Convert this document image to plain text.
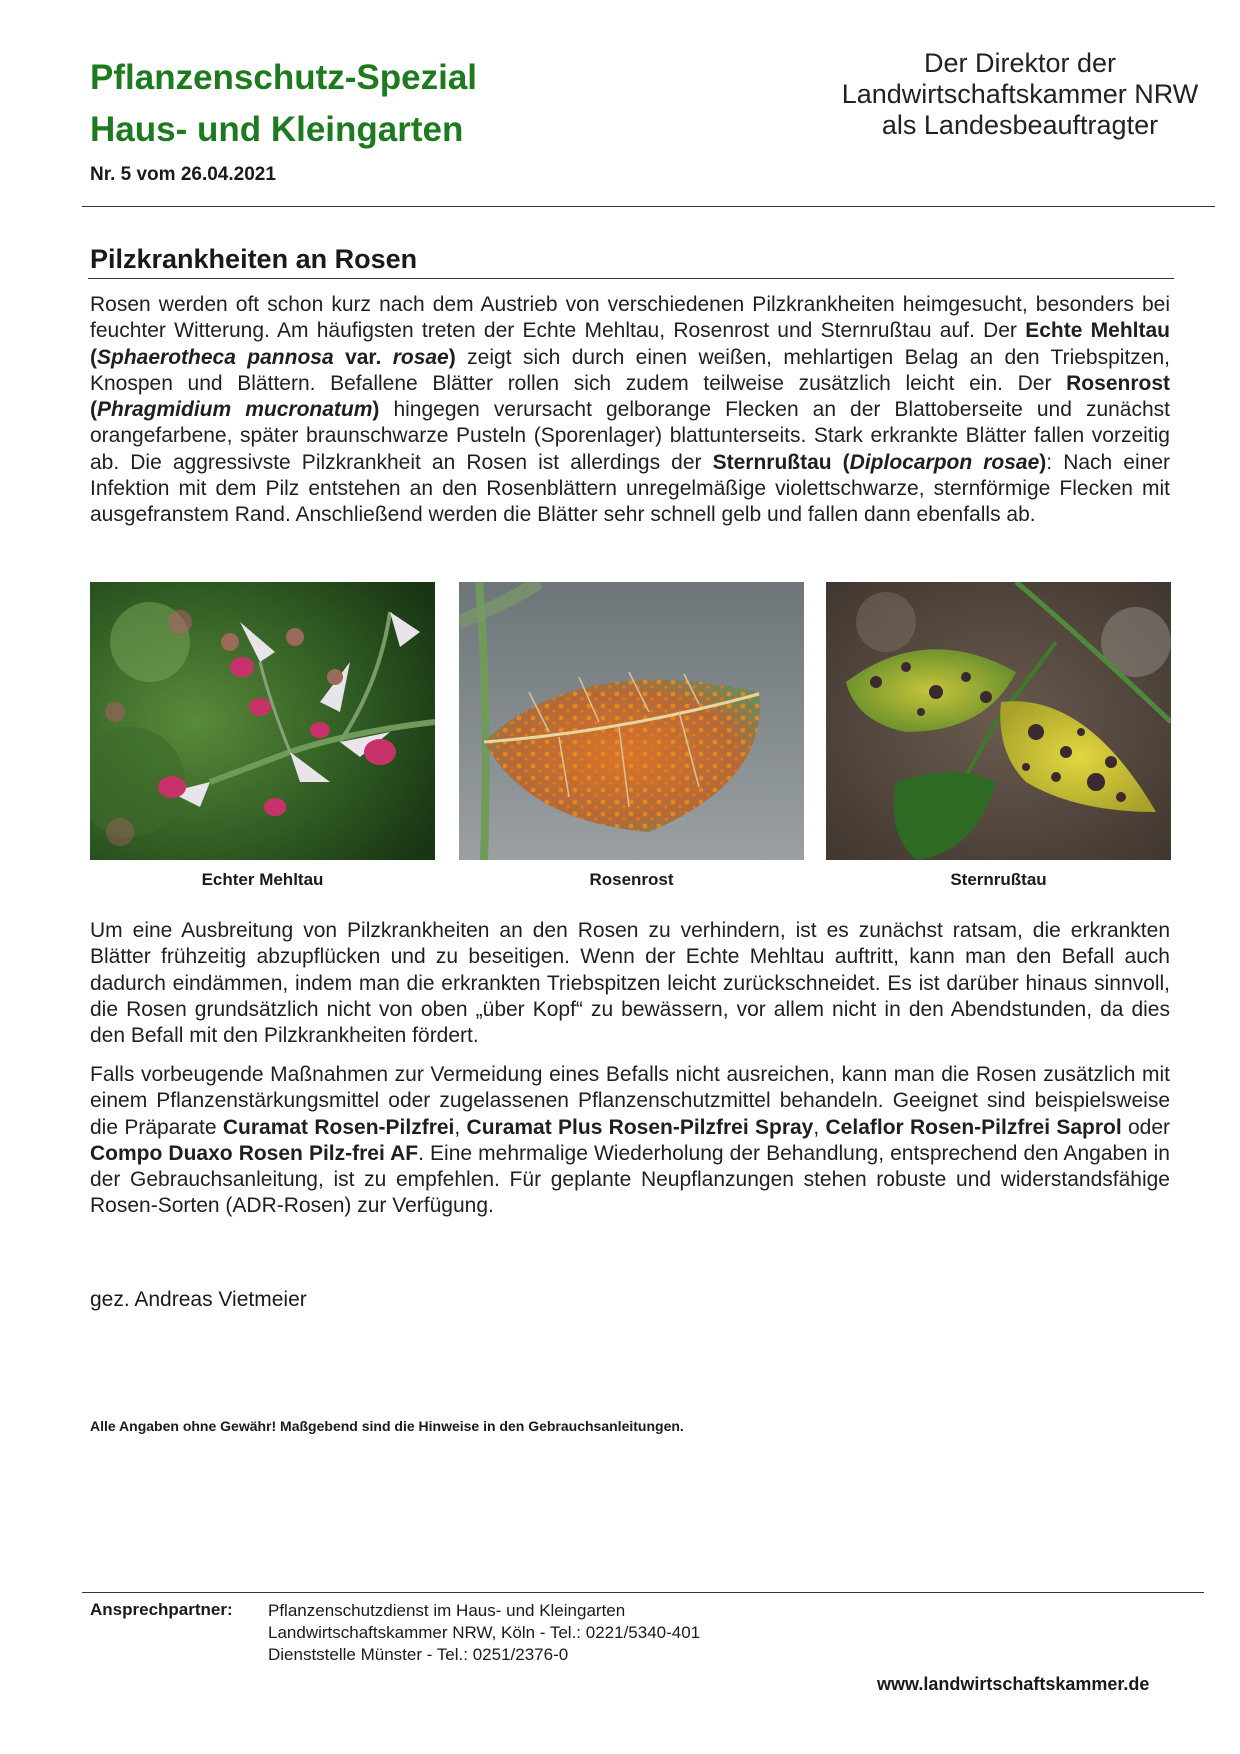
Pflanzenschutz-Spezial
Haus- und Kleingarten
Der Direktor der
Landwirtschaftskammer NRW
als Landesbeauftragter
Nr. 5 vom 26.04.2021
Pilzkrankheiten an Rosen
Rosen werden oft schon kurz nach dem Austrieb von verschiedenen Pilzkrankheiten heimgesucht, besonders bei feuchter Witterung. Am häufigsten treten der Echte Mehltau, Rosenrost und Sternrußtau auf. Der Echte Mehltau (Sphaerotheca pannosa var. rosae) zeigt sich durch einen weißen, mehlartigen Belag an den Triebspitzen, Knospen und Blättern. Befallene Blätter rollen sich zudem teilweise zusätzlich leicht ein. Der Rosenrost (Phragmidium mucronatum) hingegen verursacht gelborange Flecken an der Blattoberseite und zunächst orangefarbene, später braunschwarze Pusteln (Sporenlager) blattunterseits. Stark erkrankte Blätter fallen vorzeitig ab. Die aggressivste Pilzkrankheit an Rosen ist allerdings der Sternrußtau (Diplocarpon rosae): Nach einer Infektion mit dem Pilz entstehen an den Rosenblättern unregelmäßige violettschwarze, sternförmige Flecken mit ausgefranstem Rand. Anschließend werden die Blätter sehr schnell gelb und fallen dann ebenfalls ab.
Echter Mehltau	Rosenrost	Sternrußtau
Um eine Ausbreitung von Pilzkrankheiten an den Rosen zu verhindern, ist es zunächst ratsam, die erkrankten Blätter frühzeitig abzupflücken und zu beseitigen. Wenn der Echte Mehltau auftritt, kann man den Befall auch dadurch eindämmen, indem man die erkrankten Triebspitzen leicht zurückschneidet. Es ist darüber hinaus sinnvoll, die Rosen grundsätzlich nicht von oben „über Kopf“ zu bewässern, vor allem nicht in den Abendstunden, da dies den Befall mit den Pilzkrankheiten fördert.
Falls vorbeugende Maßnahmen zur Vermeidung eines Befalls nicht ausreichen, kann man die Rosen zusätzlich mit einem Pflanzenstärkungsmittel oder zugelassenen Pflanzenschutzmittel behandeln. Geeignet sind beispielsweise die Präparate Curamat Rosen-Pilzfrei, Curamat Plus Rosen-Pilzfrei Spray, Celaflor Rosen-Pilzfrei Saprol oder Compo Duaxo Rosen Pilz-frei AF. Eine mehrmalige Wiederholung der Behandlung, entsprechend den Angaben in der Gebrauchsanleitung, ist zu empfehlen. Für geplante Neupflanzungen stehen robuste und widerstandsfähige Rosen-Sorten (ADR-Rosen) zur Verfügung.
gez. Andreas Vietmeier
Alle Angaben ohne Gewähr! Maßgebend sind die Hinweise in den Gebrauchsanleitungen.
Ansprechpartner: Pflanzenschutzdienst im Haus- und Kleingarten
Landwirtschaftskammer NRW, Köln - Tel.: 0221/5340-401
Dienststelle Münster - Tel.: 0251/2376-0
www.landwirtschaftskammer.de
